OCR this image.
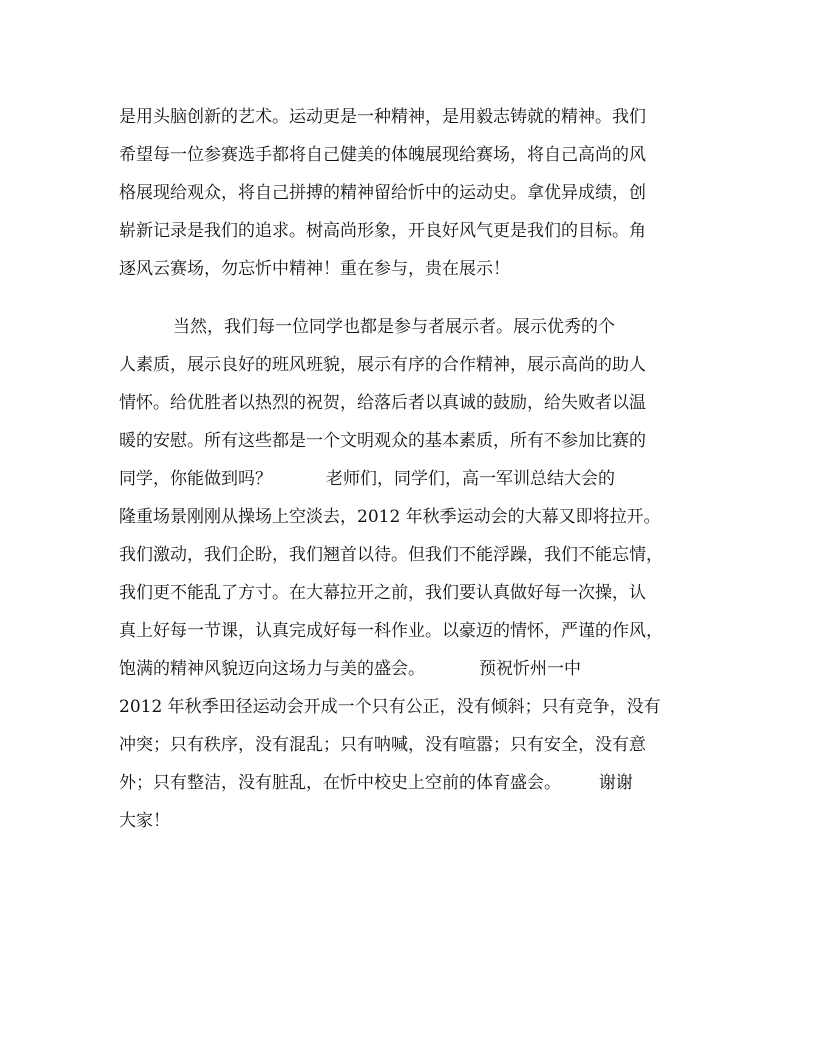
是用头脑创新的艺术。运动更是一种精神，是用毅志铸就的精神。我们
希望每一位参赛选手都将自己健美的体魄展现给赛场，将自己高尚的风
格展现给观众，将自己拼搏的精神留给忻中的运动史。拿优异成绩，创
崭新记录是我们的追求。树高尚形象，开良好风气更是我们的目标。角
逐风云赛场，勿忘忻中精神！重在参与，贵在展示！
当然，我们每一位同学也都是参与者展示者。展示优秀的个
人素质，展示良好的班风班貌，展示有序的合作精神，展示高尚的助人
情怀。给优胜者以热烈的祝贺，给落后者以真诚的鼓励，给失败者以温
暖的安慰。所有这些都是一个文明观众的基本素质，所有不参加比赛的
同学，你能做到吗？          老师们，同学们，高一军训总结大会的
隆重场景刚刚从操场上空淡去，2012 年秋季运动会的大幕又即将拉开。
我们激动，我们企盼，我们翘首以待。但我们不能浮躁，我们不能忘情，
我们更不能乱了方寸。在大幕拉开之前，我们要认真做好每一次操，认
真上好每一节课，认真完成好每一科作业。以豪迈的情怀，严谨的作风，
饱满的精神风貌迈向这场力与美的盛会。          预祝忻州一中
2012 年秋季田径运动会开成一个只有公正，没有倾斜；只有竞争，没有
冲突；只有秩序，没有混乱；只有呐喊，没有喧嚣；只有安全，没有意
外；只有整洁，没有脏乱，在忻中校史上空前的体育盛会。       谢谢
大家！
